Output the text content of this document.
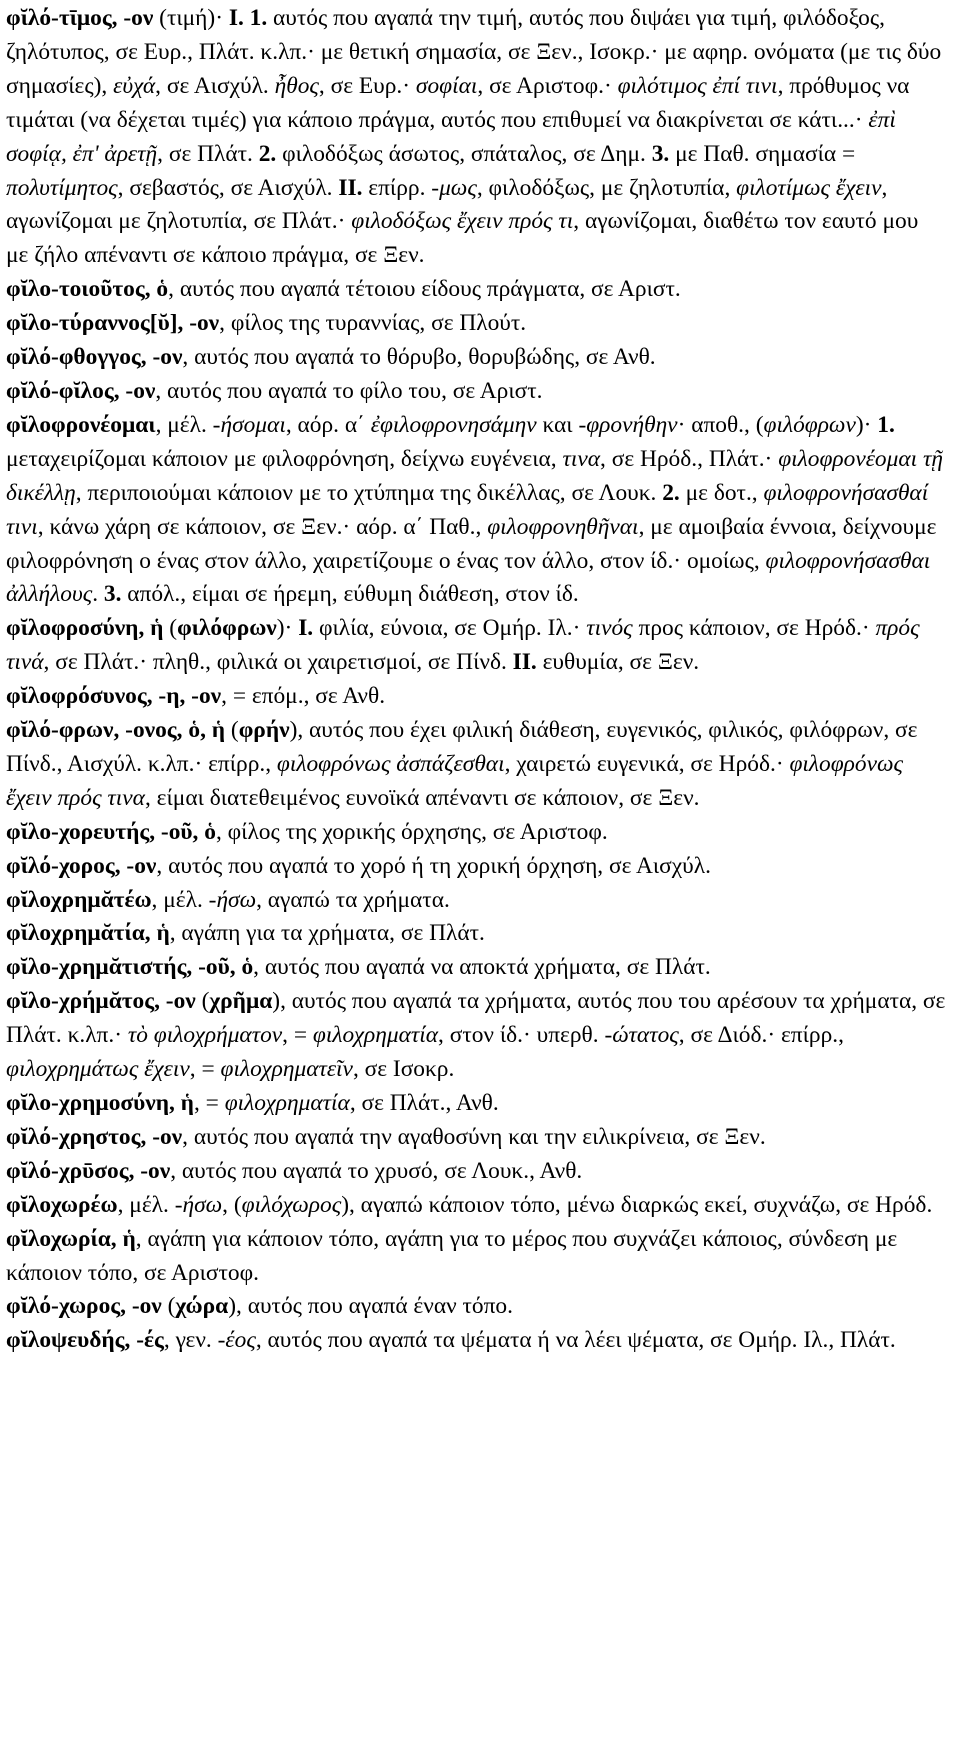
φῐλό-τῑμος, -ον (τιμή)· I. 1. αυτός που αγαπά την τιμή, αυτός που διψάει για τιμή, φιλόδοξος, ζηλότυπος, σε Ευρ., Πλάτ. κ.λπ.· με θετική σημασία, σε Ξεν., Ισοκρ.· με αφηρ. ονόματα (με τις δύο σημασίες), εὐχά, σε Αισχύλ. ἦθος, σε Ευρ.· σοφίαι, σε Αριστοφ.· φιλότιμος ἐπί τινι, πρόθυμος να τιμάται (να δέχεται τιμές) για κάποιο πράγμα, αυτός που επιθυμεί να διακρίνεται σε κάτι...· ἐπὶ σοφίᾳ, ἐπ' ἀρετῇ, σε Πλάτ. 2. φιλοδόξως άσωτος, σπάταλος, σε Δημ. 3. με Παθ. σημασία = πολυτίμητος, σεβαστός, σε Αισχύλ. II. επίρρ. -μως, φιλοδόξως, με ζηλοτυπία, φιλοτίμως ἔχειν, αγωνίζομαι με ζηλοτυπία, σε Πλάτ.· φιλοδόξως ἔχειν πρός τι, αγωνίζομαι, διαθέτω τον εαυτό μου με ζήλο απέναντι σε κάποιο πράγμα, σε Ξεν.

φῐλο-τοιοῦτος, ὁ, αυτός που αγαπά τέτοιου είδους πράγματα, σε Αριστ.

φῐλο-τύραννος[ῠ], -ον, φίλος της τυραννίας, σε Πλούτ.

φῐλό-φθογγος, -ον, αυτός που αγαπά το θόρυβο, θορυβώδης, σε Ανθ.

φῐλό-φῐλος, -ον, αυτός που αγαπά το φίλο του, σε Αριστ.

φῐλοφρονέομαι, μέλ. -ήσομαι, αόρ. α΄ ἐφιλοφρονησάμην και -φρονήθην· αποθ., (φιλόφρων)· 1. μεταχειρίζομαι κάποιον με φιλοφρόνηση, δείχνω ευγένεια, τινα, σε Ηρόδ., Πλάτ.· φιλοφρονέομαι τῇ δικέλλῃ, περιποιούμαι κάποιον με το χτύπημα της δικέλλας, σε Λουκ. 2. με δοτ., φιλοφρονήσασθαί τινι, κάνω χάρη σε κάποιον, σε Ξεν.· αόρ. α΄ Παθ., φιλοφρονηθῆναι, με αμοιβαία έννοια, δείχνουμε φιλοφρόνηση ο ένας στον άλλο, χαιρετίζουμε ο ένας τον άλλο, στον ίδ.· ομοίως, φιλοφρονήσασθαι ἀλλήλους. 3. απόλ., είμαι σε ήρεμη, εύθυμη διάθεση, στον ίδ.

φῐλοφροσύνη, ἡ (φιλόφρων)· I. φιλία, εύνοια, σε Ομήρ. Ιλ.· τινός προς κάποιον, σε Ηρόδ.· πρός τινά, σε Πλάτ.· πληθ., φιλικά οι χαιρετισμοί, σε Πίνδ. II. ευθυμία, σε Ξεν.

φῐλοφρόσυνος, -η, -ον, = επόμ., σε Ανθ.

φῐλό-φρων, -ονος, ὁ, ἡ (φρήν), αυτός που έχει φιλική διάθεση, ευγενικός, φιλικός, φιλόφρων, σε Πίνδ., Αισχύλ. κ.λπ.· επίρρ., φιλοφρόνως ἀσπάζεσθαι, χαιρετώ ευγενικά, σε Ηρόδ.· φιλοφρόνως ἔχειν πρός τινα, είμαι διατεθειμένος ευνοϊκά απέναντι σε κάποιον, σε Ξεν.

φῐλο-χορευτής, -οῦ, ὁ, φίλος της χορικής όρχησης, σε Αριστοφ.

φῐλό-χορος, -ον, αυτός που αγαπά το χορό ή τη χορική όρχηση, σε Αισχύλ.

φῐλοχρημᾰτέω, μέλ. -ήσω, αγαπώ τα χρήματα.

φῐλοχρημᾰτία, ἡ, αγάπη για τα χρήματα, σε Πλάτ.

φῐλο-χρημᾰτιστής, -οῦ, ὁ, αυτός που αγαπά να αποκτά χρήματα, σε Πλάτ.

φῐλο-χρήμᾰτος, -ον (χρῆμα), αυτός που αγαπά τα χρήματα, αυτός που του αρέσουν τα χρήματα, σε Πλάτ. κ.λπ.· τὸ φιλοχρήματον, = φιλοχρηματία, στον ίδ.· υπερθ. -ώτατος, σε Διόδ.· επίρρ., φιλοχρημάτως ἔχειν, = φιλοχρηματεῖν, σε Ισοκρ.

φῐλο-χρημοσύνη, ἡ, = φιλοχρηματία, σε Πλάτ., Ανθ.

φῐλό-χρηστος, -ον, αυτός που αγαπά την αγαθοσύνη και την ειλικρίνεια, σε Ξεν.

φῐλό-χρῡσος, -ον, αυτός που αγαπά το χρυσό, σε Λουκ., Ανθ.

φῐλοχωρέω, μέλ. -ήσω, (φιλόχωρος), αγαπώ κάποιον τόπο, μένω διαρκώς εκεί, συχνάζω, σε Ηρόδ.

φῐλοχωρία, ἡ, αγάπη για κάποιον τόπο, αγάπη για το μέρος που συχνάζει κάποιος, σύνδεση με κάποιον τόπο, σε Αριστοφ.

φῐλό-χωρος, -ον (χώρα), αυτός που αγαπά έναν τόπο.

φῐλοψευδής, -ές, γεν. -έος, αυτός που αγαπά τα ψέματα ή να λέει ψέματα, σε Ομήρ. Ιλ., Πλάτ.
